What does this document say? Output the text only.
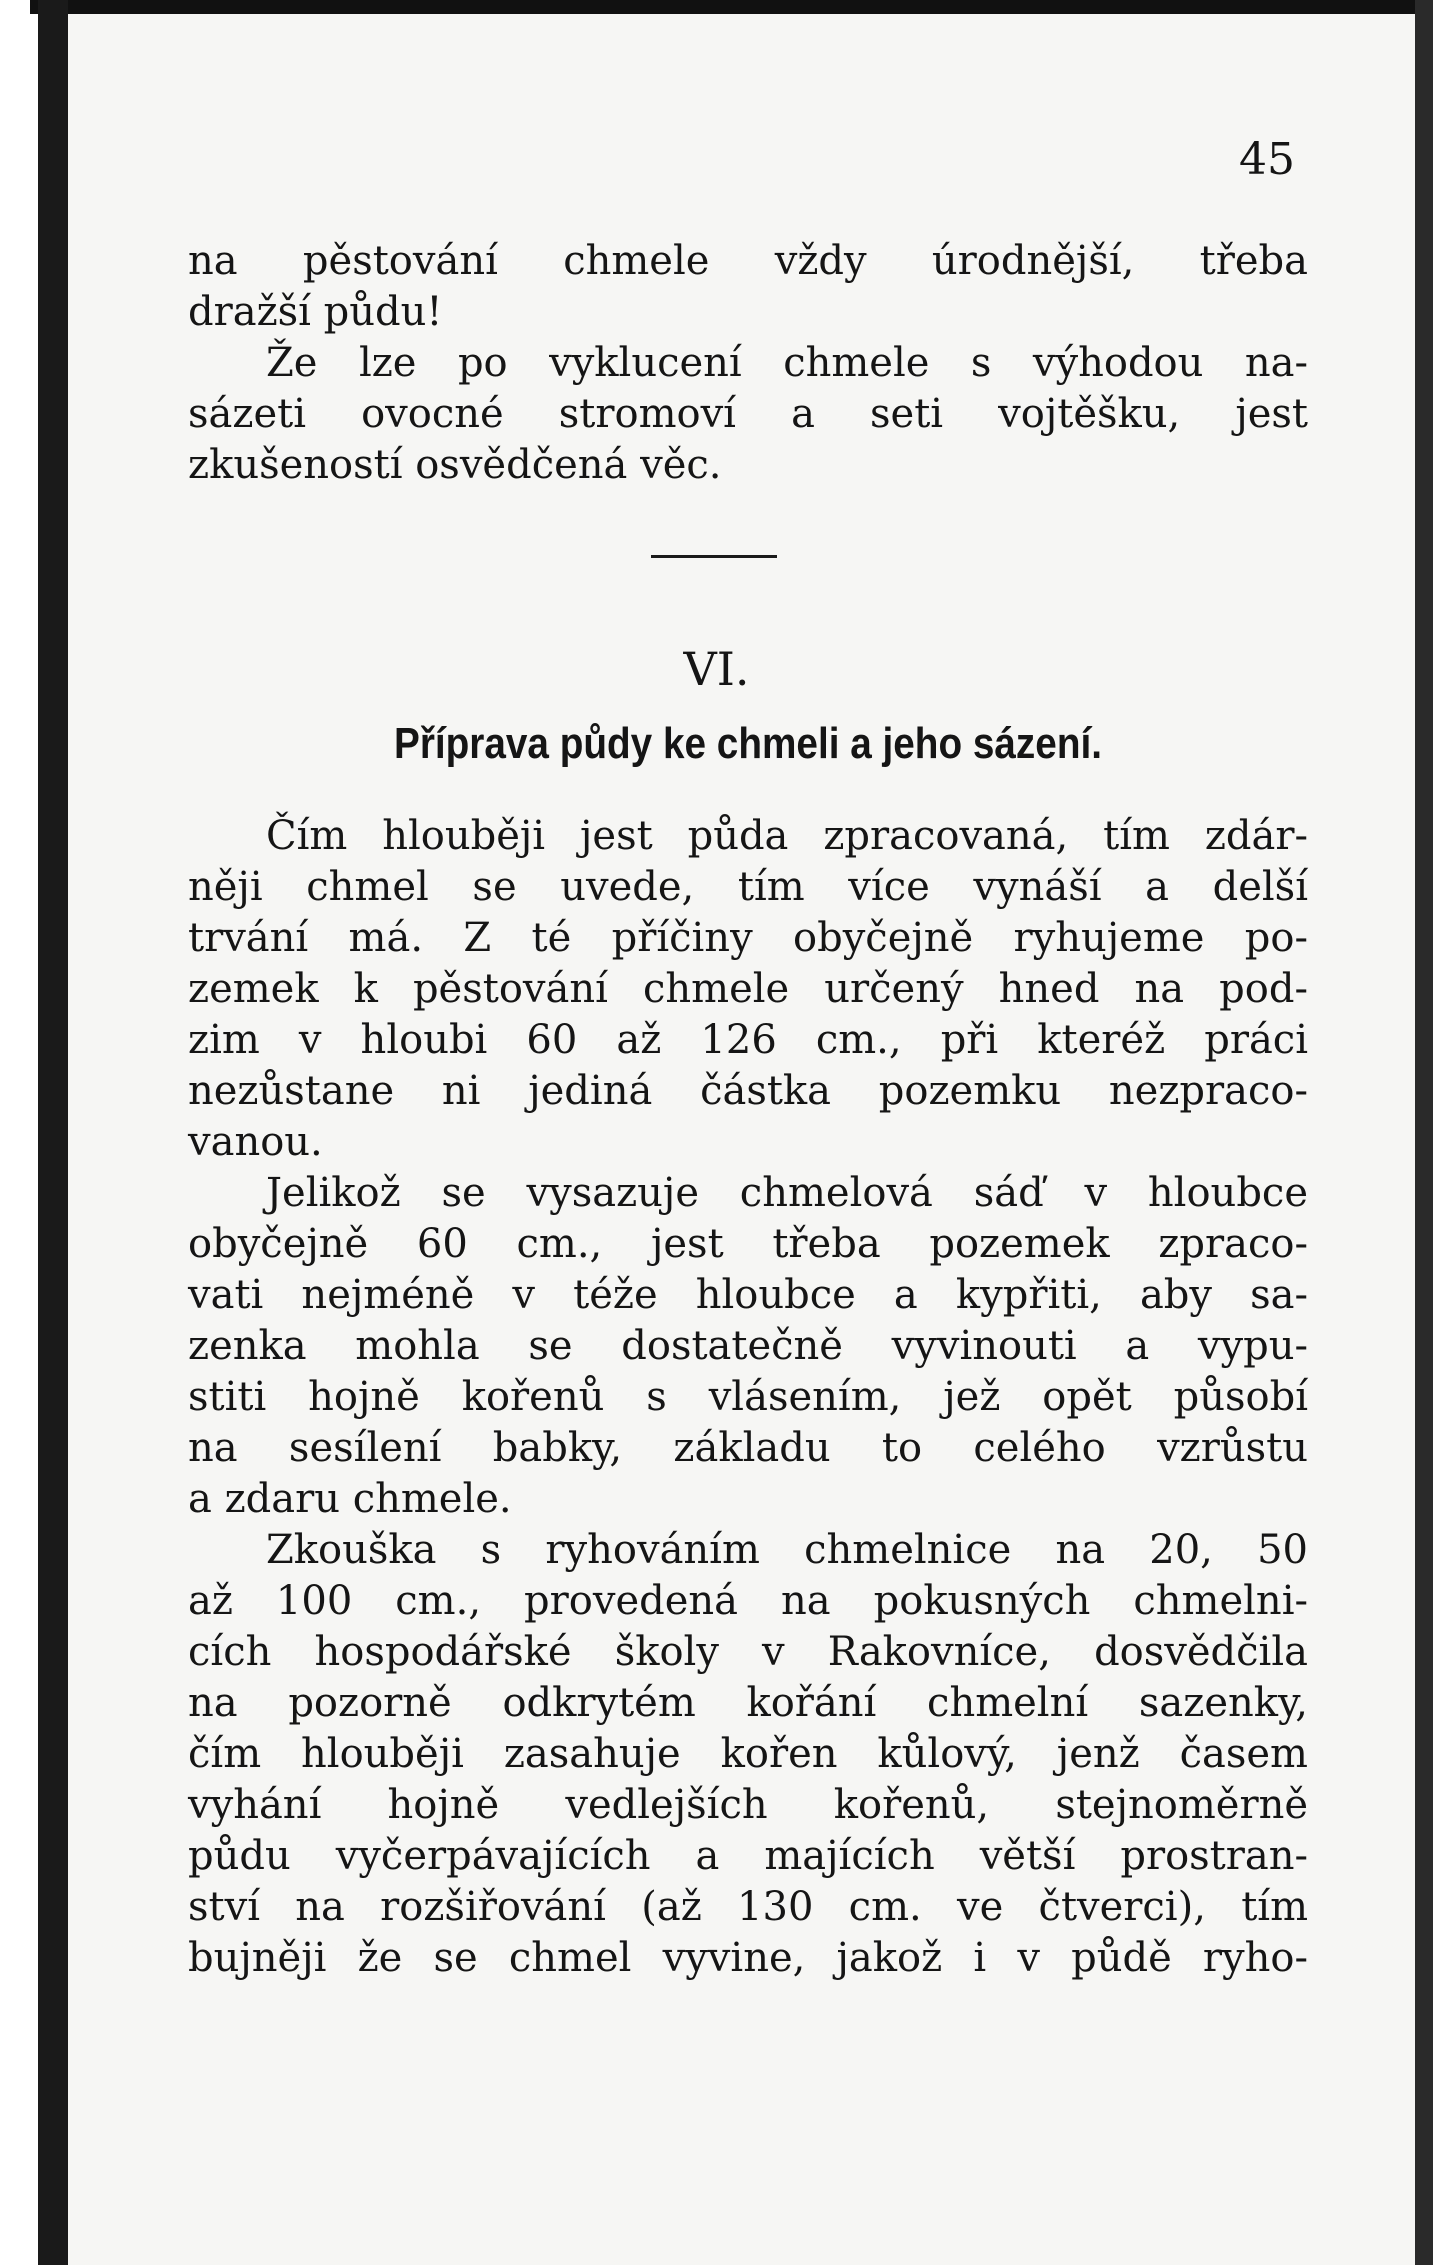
45

na pěstování chmele vždy úrodnější, třeba

dražší půdu!

Že lze po vyklucení chmele s výhodou na-

sázeti ovocné stromoví a seti vojtěšku, jest

zkušeností osvědčená věc.

VI.
Příprava půdy ke chmeli a jeho sázení.

Čím hlouběji jest půda zpracovaná, tím zdár-

něji chmel se uvede, tím více vynáší a delší

trvání má. Z té příčiny obyčejně ryhujeme po-

zemek k pěstování chmele určený hned na pod-

zim v hloubi 60 až 126 cm., při kteréž práci

nezůstane ni jediná částka pozemku nezpraco-

vanou.

Jelikož se vysazuje chmelová sáď v hloubce

obyčejně 60 cm., jest třeba pozemek zpraco-

vati nejméně v téže hloubce a kypřiti, aby sa-

zenka mohla se dostatečně vyvinouti a vypu-

stiti hojně kořenů s vlásením, jež opět působí

na sesílení babky, základu to celého vzrůstu

a zdaru chmele.

Zkouška s ryhováním chmelnice na 20, 50

až 100 cm., provedená na pokusných chmelni-

cích hospodářské školy v Rakovníce, dosvědčila

na pozorně odkrytém kořání chmelní sazenky,

čím hlouběji zasahuje kořen kůlový, jenž časem

vyhání hojně vedlejších kořenů, stejnoměrně

půdu vyčerpávajících a majících větší prostran-

ství na rozšiřování (až 130 cm. ve čtverci), tím

bujněji že se chmel vyvine, jakož i v půdě ryho-
